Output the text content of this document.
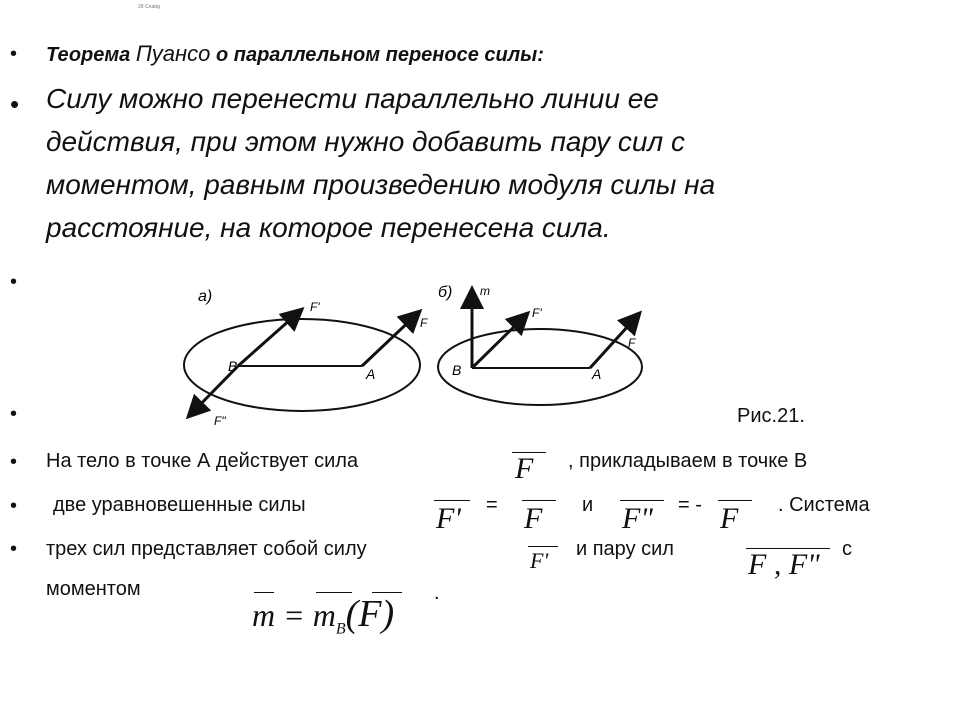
28 Слайд
• Теорема Пуансо о параллельном переносе силы:
• Силу можно перенести параллельно линии ее
действия, при этом нужно добавить пару сил с
моментом, равным произведению модуля силы на
расстояние, на которое перенесена сила.
•
•
а)
B	A
F'
F
F"
б) m
F'
F
B	A
Рис.21.
• На тело в точке А действует сила	F , прикладываем в точке В
• две уравновешенные силы	F' = F и F" = - F . Система
• трех сил представляет собой силу	F' и пару сил F , F" с
моментом
$m = m_B(F)$ .
